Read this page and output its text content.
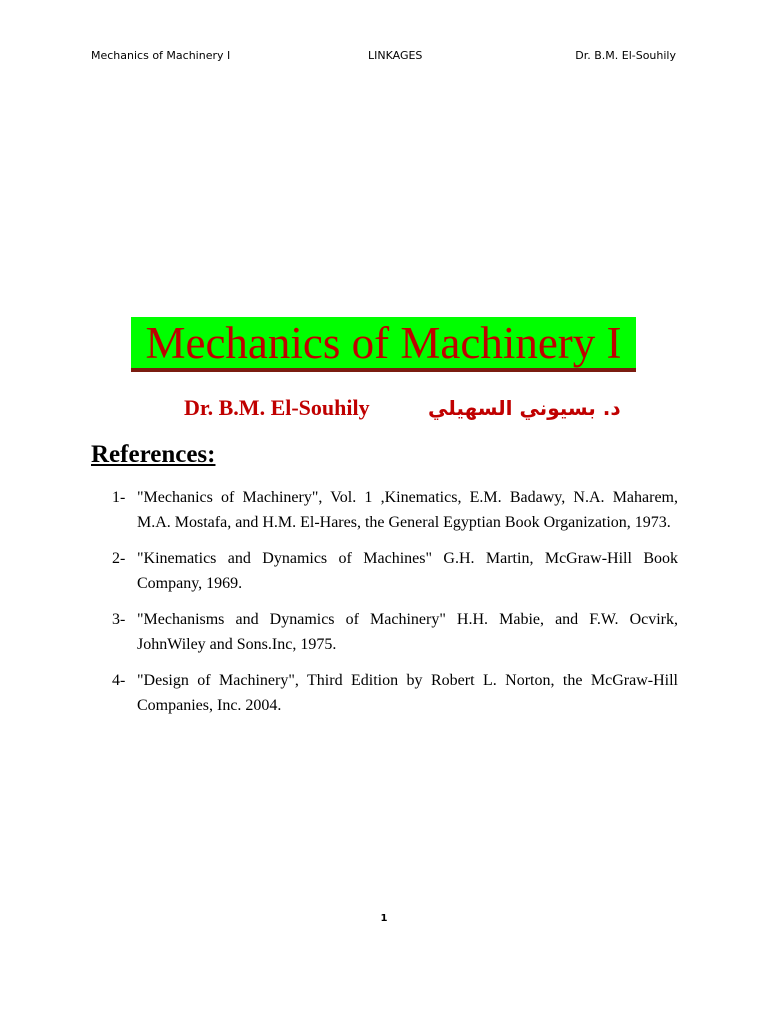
Mechanics of Machinery I	LINKAGES	Dr. B.M. El-Souhily
Mechanics of Machinery I
Dr. B.M. El-Souhily	د. بسيوني السهيلي
References:
1- "Mechanics of Machinery", Vol. 1 ,Kinematics, E.M. Badawy, N.A. Maharem, M.A. Mostafa, and H.M. El-Hares, the General Egyptian Book Organization, 1973.
2- "Kinematics and Dynamics of Machines" G.H. Martin, McGraw-Hill Book Company, 1969.
3- "Mechanisms and Dynamics of Machinery" H.H. Mabie, and F.W. Ocvirk, JohnWiley and Sons.Inc, 1975.
4- "Design of Machinery", Third Edition by Robert L. Norton, the McGraw-Hill Companies, Inc. 2004.
1
